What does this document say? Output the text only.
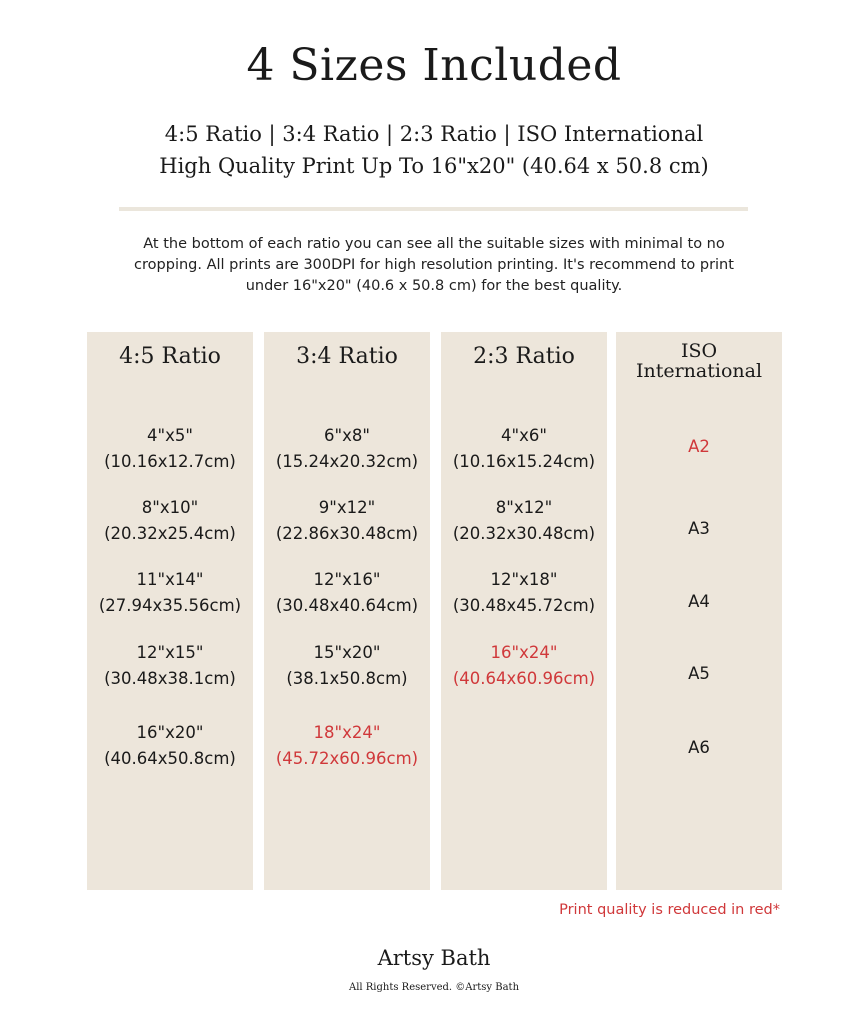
4 Sizes Included
4:5 Ratio | 3:4 Ratio | 2:3 Ratio | ISO International
High Quality Print Up To 16"x20" (40.64 x 50.8 cm)
At the bottom of each ratio you can see all the suitable sizes with minimal to no cropping. All prints are 300DPI for high resolution printing. It's recommend to print under 16"x20" (40.6 x 50.8 cm) for the best quality.
4:5 Ratio
4"x5"
(10.16x12.7cm)
8"x10"
(20.32x25.4cm)
11"x14"
(27.94x35.56cm)
12"x15"
(30.48x38.1cm)
16"x20"
(40.64x50.8cm)
3:4 Ratio
6"x8"
(15.24x20.32cm)
9"x12"
(22.86x30.48cm)
12"x16"
(30.48x40.64cm)
15"x20"
(38.1x50.8cm)
18"x24"
(45.72x60.96cm)
2:3 Ratio
4"x6"
(10.16x15.24cm)
8"x12"
(20.32x30.48cm)
12"x18"
(30.48x45.72cm)
16"x24"
(40.64x60.96cm)
ISO
International
A2
A3
A4
A5
A6
Print quality is reduced in red*
Artsy Bath
All Rights Reserved. ©Artsy Bath
